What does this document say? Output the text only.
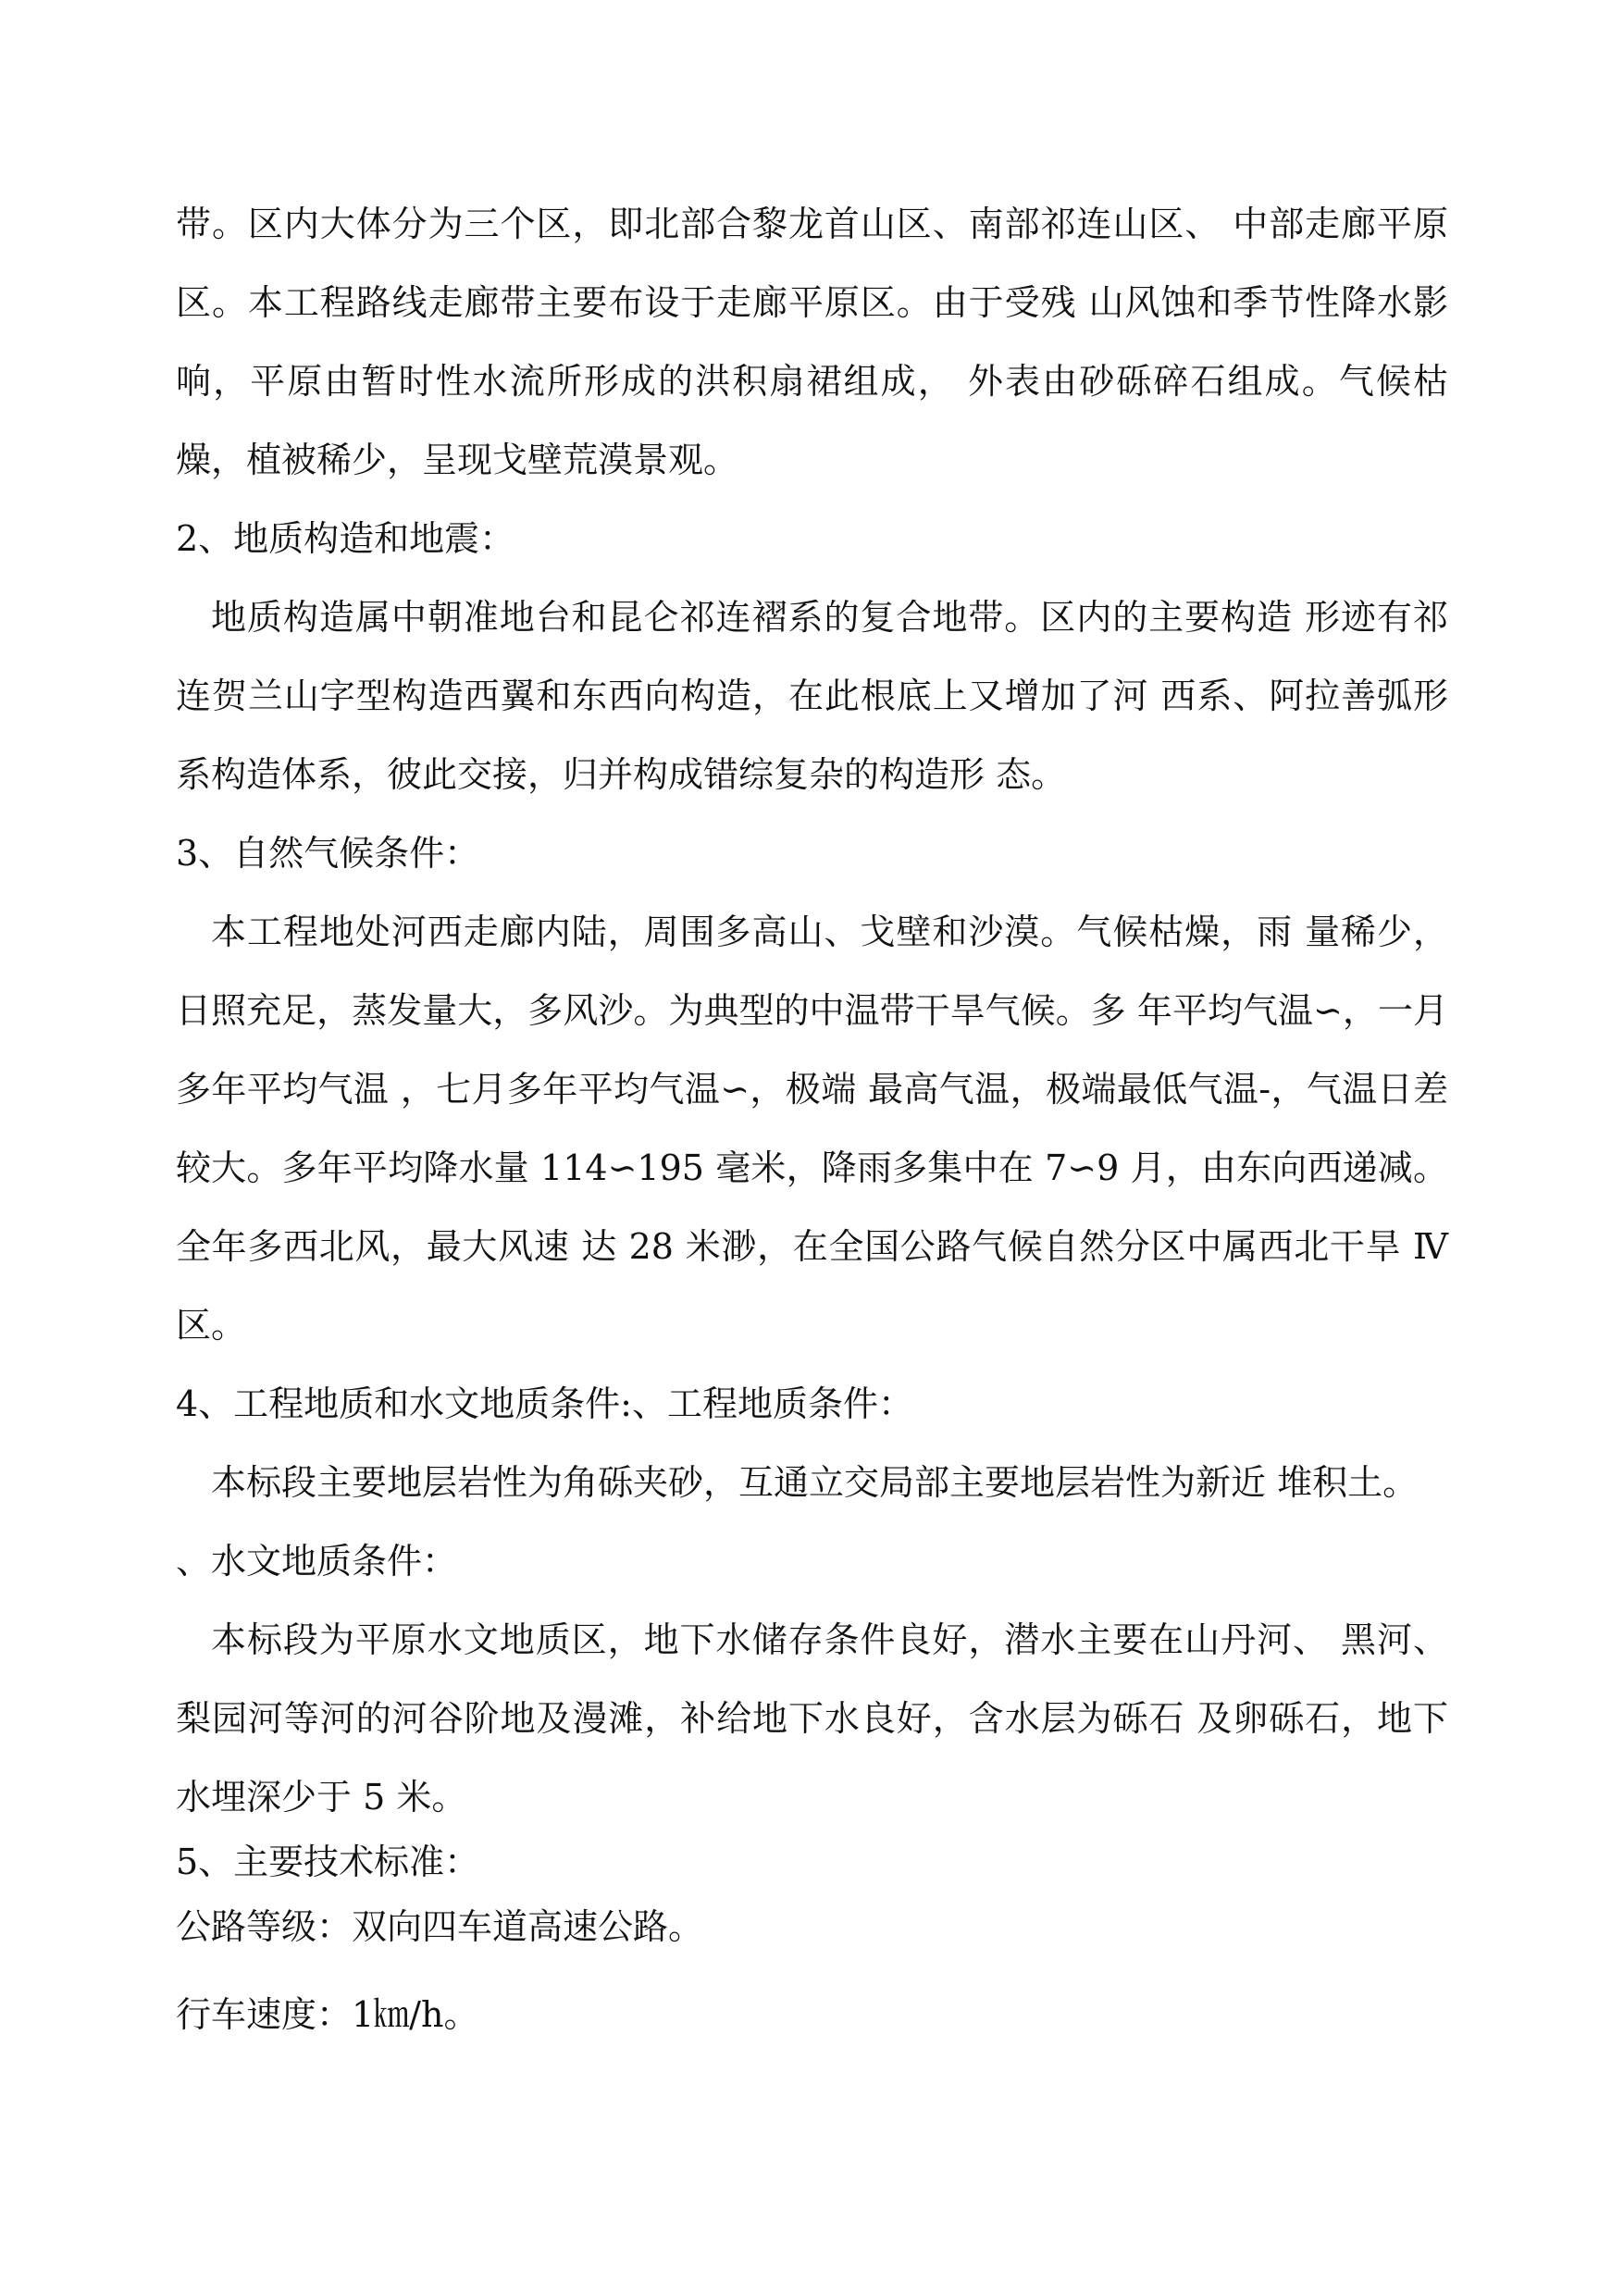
带。区内大体分为三个区，即北部合黎龙首山区、南部祁连山区、 中部走廊平原区。本工程路线走廊带主要布设于走廊平原区。由于受残 山风蚀和季节性降水影响，平原由暂时性水流所形成的洪积扇裙组成， 外表由砂砾碎石组成。气候枯燥，植被稀少，呈现戈壁荒漠景观。

2、地质构造和地震：

地质构造属中朝准地台和昆仑祁连褶系的复合地带。区内的主要构造 形迹有祁连贺兰山字型构造西翼和东西向构造，在此根底上又增加了河 西系、阿拉善弧形系构造体系，彼此交接，归并构成错综复杂的构造形 态。

3、自然气候条件：

本工程地处河西走廊内陆，周围多高山、戈壁和沙漠。气候枯燥，雨 量稀少，日照充足，蒸发量大，多风沙。为典型的中温带干旱气候。多 年平均气温∽，一月多年平均气温 ，七月多年平均气温∽，极端 最高气温，极端最低气温-，气温日差较大。多年平均降水量 114∽195 毫米，降雨多集中在 7∽9 月，由东向西递减。全年多西北风，最大风速 达 28 米渺，在全国公路气候自然分区中属西北干旱 Ⅳ 区。

4、工程地质和水文地质条件:、工程地质条件：

本标段主要地层岩性为角砾夹砂，互通立交局部主要地层岩性为新近 堆积土。

、水文地质条件：

本标段为平原水文地质区，地下水储存条件良好，潜水主要在山丹河、 黑河、梨园河等河的河谷阶地及漫滩，补给地下水良好，含水层为砾石 及卵砾石，地下水埋深少于 5 米。

5、主要技术标准：

公路等级：双向四车道高速公路。

行车速度：1㎞/h。
